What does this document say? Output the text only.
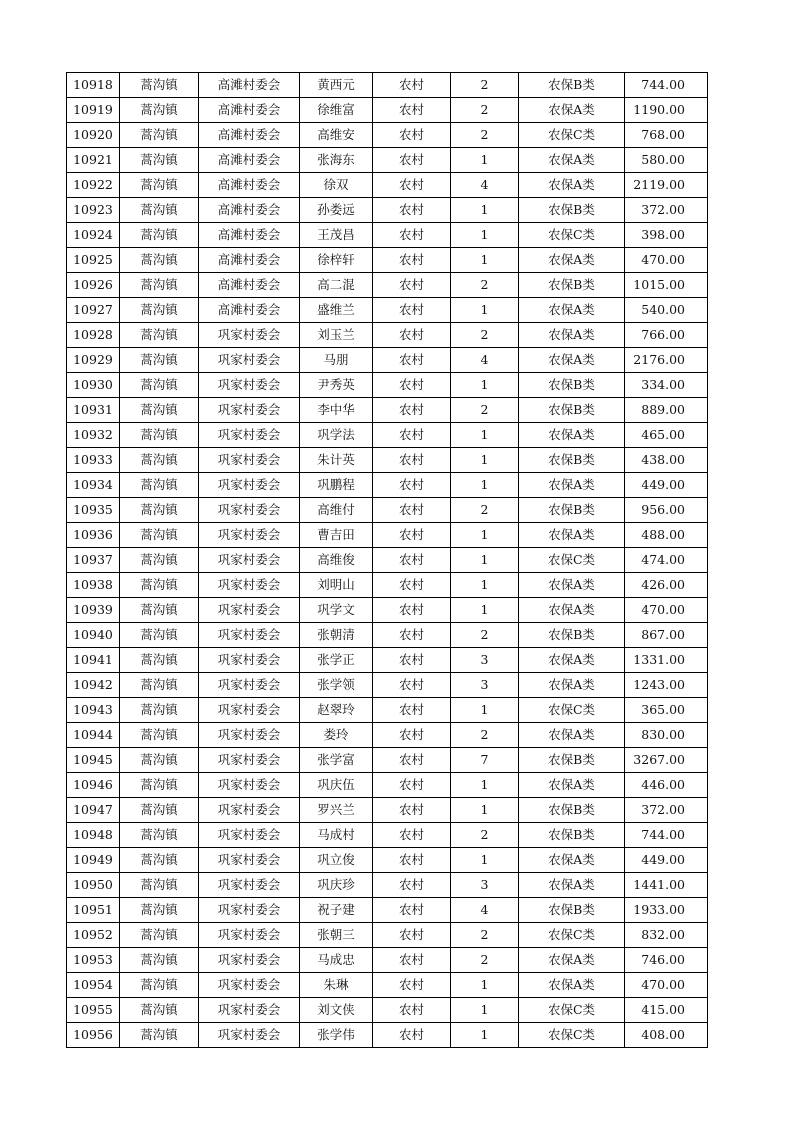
10918	蒿沟镇	高滩村委会	黄西元	农村	2	农保B类	744.00
10919	蒿沟镇	高滩村委会	徐维富	农村	2	农保A类	1190.00
10920	蒿沟镇	高滩村委会	高维安	农村	2	农保C类	768.00
10921	蒿沟镇	高滩村委会	张海东	农村	1	农保A类	580.00
10922	蒿沟镇	高滩村委会	徐双	农村	4	农保A类	2119.00
10923	蒿沟镇	高滩村委会	孙娄远	农村	1	农保B类	372.00
10924	蒿沟镇	高滩村委会	王茂昌	农村	1	农保C类	398.00
10925	蒿沟镇	高滩村委会	徐梓轩	农村	1	农保A类	470.00
10926	蒿沟镇	高滩村委会	高二混	农村	2	农保B类	1015.00
10927	蒿沟镇	高滩村委会	盛维兰	农村	1	农保A类	540.00
10928	蒿沟镇	巩家村委会	刘玉兰	农村	2	农保A类	766.00
10929	蒿沟镇	巩家村委会	马朋	农村	4	农保A类	2176.00
10930	蒿沟镇	巩家村委会	尹秀英	农村	1	农保B类	334.00
10931	蒿沟镇	巩家村委会	李中华	农村	2	农保B类	889.00
10932	蒿沟镇	巩家村委会	巩学法	农村	1	农保A类	465.00
10933	蒿沟镇	巩家村委会	朱计英	农村	1	农保B类	438.00
10934	蒿沟镇	巩家村委会	巩鹏程	农村	1	农保A类	449.00
10935	蒿沟镇	巩家村委会	高维付	农村	2	农保B类	956.00
10936	蒿沟镇	巩家村委会	曹吉田	农村	1	农保A类	488.00
10937	蒿沟镇	巩家村委会	高维俊	农村	1	农保C类	474.00
10938	蒿沟镇	巩家村委会	刘明山	农村	1	农保A类	426.00
10939	蒿沟镇	巩家村委会	巩学文	农村	1	农保A类	470.00
10940	蒿沟镇	巩家村委会	张朝清	农村	2	农保B类	867.00
10941	蒿沟镇	巩家村委会	张学正	农村	3	农保A类	1331.00
10942	蒿沟镇	巩家村委会	张学领	农村	3	农保A类	1243.00
10943	蒿沟镇	巩家村委会	赵翠玲	农村	1	农保C类	365.00
10944	蒿沟镇	巩家村委会	娄玲	农村	2	农保A类	830.00
10945	蒿沟镇	巩家村委会	张学富	农村	7	农保B类	3267.00
10946	蒿沟镇	巩家村委会	巩庆伍	农村	1	农保A类	446.00
10947	蒿沟镇	巩家村委会	罗兴兰	农村	1	农保B类	372.00
10948	蒿沟镇	巩家村委会	马成村	农村	2	农保B类	744.00
10949	蒿沟镇	巩家村委会	巩立俊	农村	1	农保A类	449.00
10950	蒿沟镇	巩家村委会	巩庆珍	农村	3	农保A类	1441.00
10951	蒿沟镇	巩家村委会	祝子建	农村	4	农保B类	1933.00
10952	蒿沟镇	巩家村委会	张朝三	农村	2	农保C类	832.00
10953	蒿沟镇	巩家村委会	马成忠	农村	2	农保A类	746.00
10954	蒿沟镇	巩家村委会	朱琳	农村	1	农保A类	470.00
10955	蒿沟镇	巩家村委会	刘文侠	农村	1	农保C类	415.00
10956	蒿沟镇	巩家村委会	张学伟	农村	1	农保C类	408.00
